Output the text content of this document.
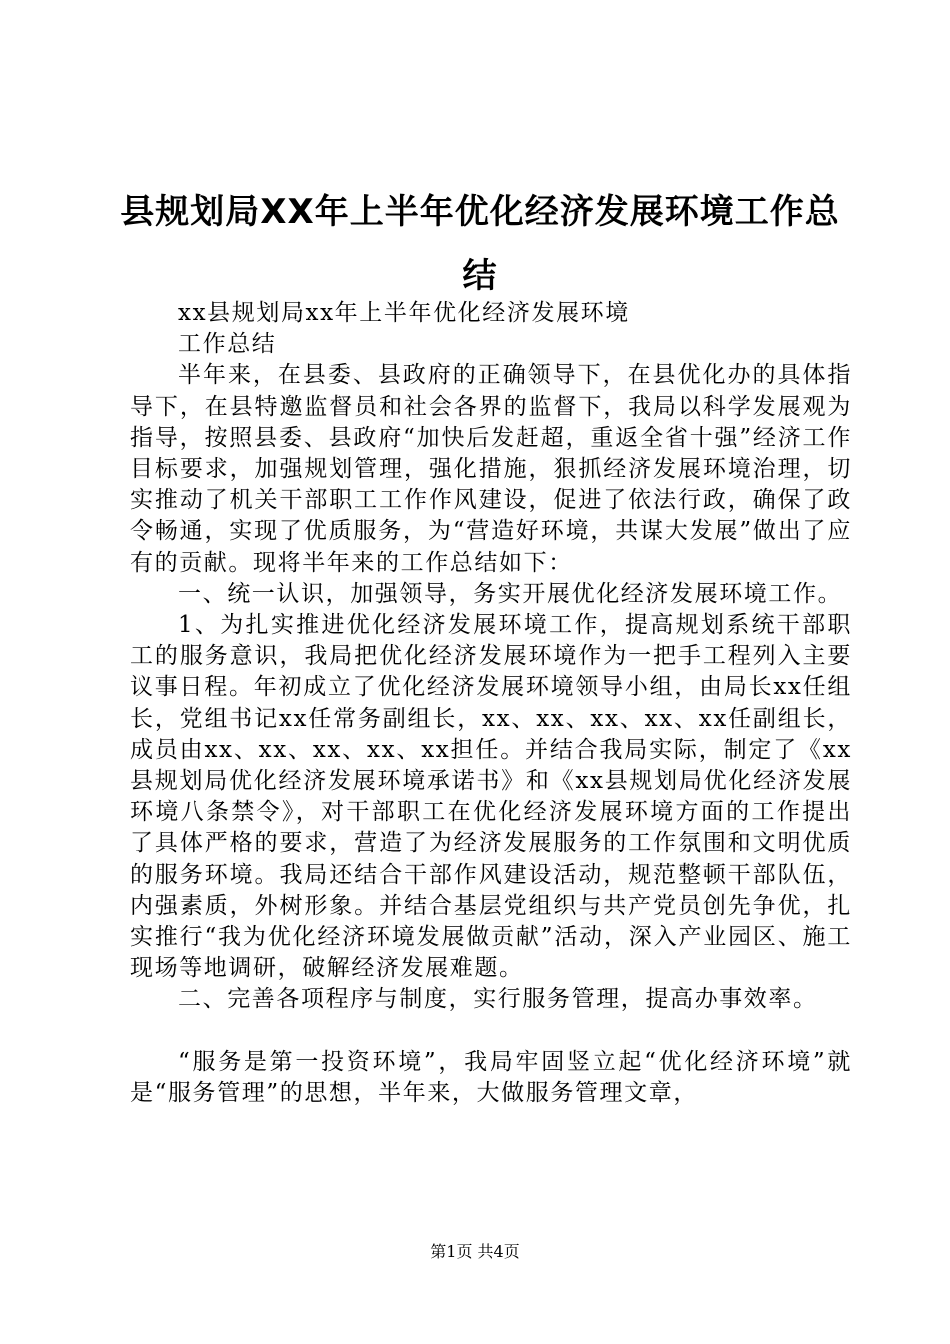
县规划局XX年上半年优化经济发展环境工作总结

xx县规划局xx年上半年优化经济发展环境

工作总结

半年来，在县委、县政府的正确领导下，在县优化办的具体指导下，在县特邀监督员和社会各界的监督下，我局以科学发展观为指导，按照县委、县政府“加快后发赶超，重返全省十强”经济工作目标要求，加强规划管理，强化措施，狠抓经济发展环境治理，切实推动了机关干部职工工作作风建设，促进了依法行政，确保了政令畅通，实现了优质服务，为“营造好环境，共谋大发展”做出了应有的贡献。现将半年来的工作总结如下：

一、统一认识，加强领导，务实开展优化经济发展环境工作。

1、为扎实推进优化经济发展环境工作，提高规划系统干部职工的服务意识，我局把优化经济发展环境作为一把手工程列入主要议事日程。年初成立了优化经济发展环境领导小组，由局长xx任组长，党组书记xx任常务副组长，xx、xx、xx、xx、xx任副组长，成员由xx、xx、xx、xx、xx担任。并结合我局实际，制定了《xx县规划局优化经济发展环境承诺书》和《xx县规划局优化经济发展环境八条禁令》，对干部职工在优化经济发展环境方面的工作提出了具体严格的要求，营造了为经济发展服务的工作氛围和文明优质的服务环境。我局还结合干部作风建设活动，规范整顿干部队伍，内强素质，外树形象。并结合基层党组织与共产党员创先争优，扎实推行“我为优化经济环境发展做贡献”活动，深入产业园区、施工现场等地调研，破解经济发展难题。

二、完善各项程序与制度，实行服务管理，提高办事效率。

“服务是第一投资环境”，我局牢固竖立起“优化经济环境”就是“服务管理”的思想，半年来，大做服务管理文章，

第1页 共4页
